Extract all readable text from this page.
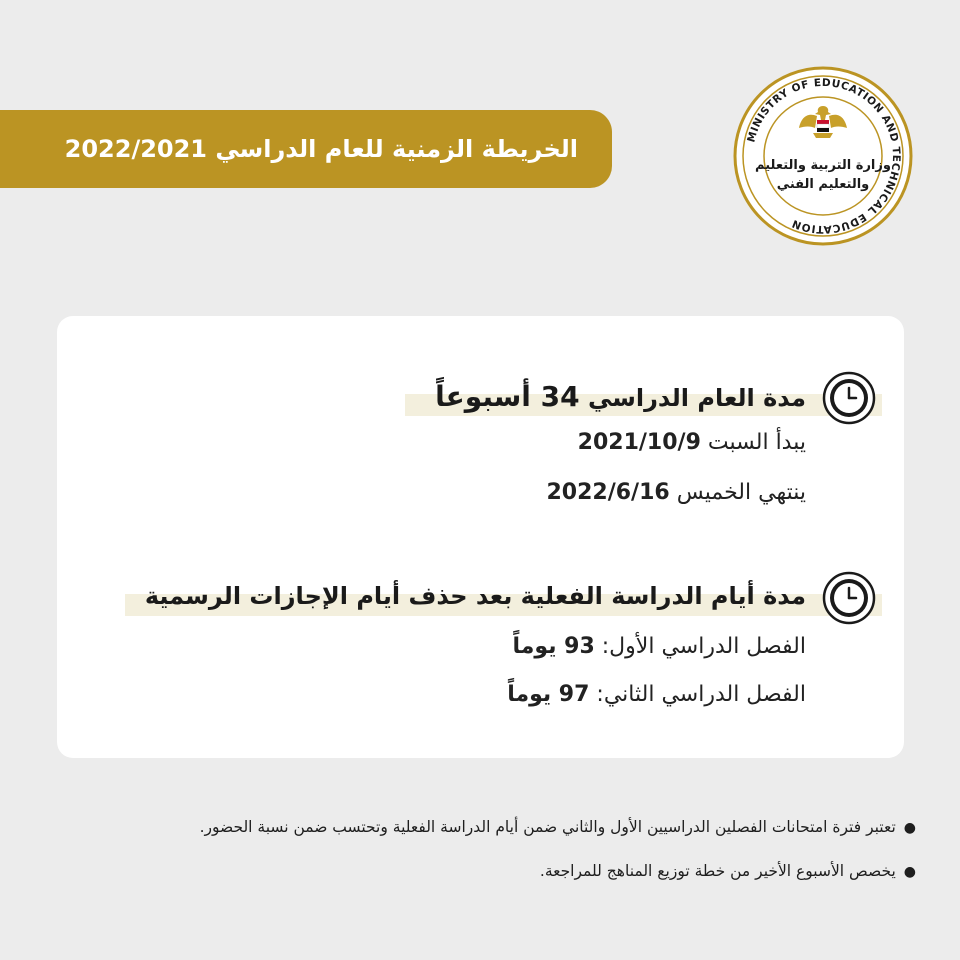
الخريطة الزمنية للعام الدراسي 2022/2021	MINISTRY OF EDUCATION AND TECHNICAL EDUCATION
وزارة التربية والتعليم
والتعليم الفني
مدة العام الدراسي 34 أسبوعاً
يبدأ السبت 2021/10/9
ينتهي الخميس 2022/6/16
مدة أيام الدراسة الفعلية بعد حذف أيام الإجازات الرسمية
الفصل الدراسي الأول: 93 يوماً
الفصل الدراسي الثاني: 97 يوماً
●تعتبر فترة امتحانات الفصلين الدراسيين الأول والثاني ضمن أيام الدراسة الفعلية وتحتسب ضمن نسبة الحضور.
●يخصص الأسبوع الأخير من خطة توزيع المناهج للمراجعة.
